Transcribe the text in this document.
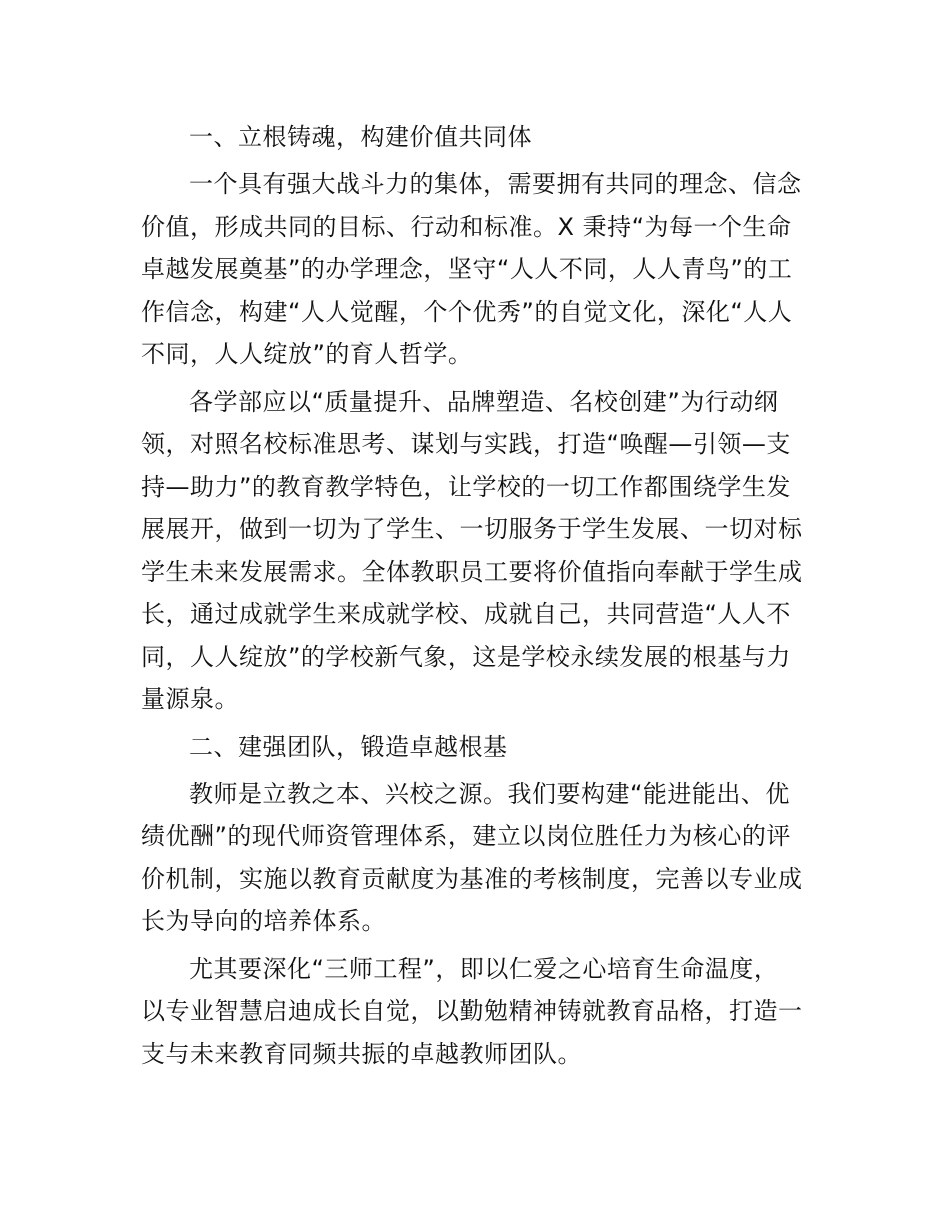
一、立根铸魂，构建价值共同体
一个具有强大战斗力的集体，需要拥有共同的理念、信念
价值，形成共同的目标、行动和标准。X 秉持“为每一个生命
卓越发展奠基”的办学理念，坚守“人人不同，人人青鸟”的工
作信念，构建“人人觉醒，个个优秀”的自觉文化，深化“人人
不同，人人绽放”的育人哲学。
各学部应以“质量提升、品牌塑造、名校创建”为行动纲
领，对照名校标准思考、谋划与实践，打造“唤醒—引领—支
持—助力”的教育教学特色，让学校的一切工作都围绕学生发
展展开，做到一切为了学生、一切服务于学生发展、一切对标
学生未来发展需求。全体教职员工要将价值指向奉献于学生成
长，通过成就学生来成就学校、成就自己，共同营造“人人不
同，人人绽放”的学校新气象，这是学校永续发展的根基与力
量源泉。
二、建强团队，锻造卓越根基
教师是立教之本、兴校之源。我们要构建“能进能出、优
绩优酬”的现代师资管理体系，建立以岗位胜任力为核心的评
价机制，实施以教育贡献度为基准的考核制度，完善以专业成
长为导向的培养体系。
尤其要深化“三师工程”，即以仁爱之心培育生命温度，
以专业智慧启迪成长自觉，以勤勉精神铸就教育品格，打造一
支与未来教育同频共振的卓越教师团队。
